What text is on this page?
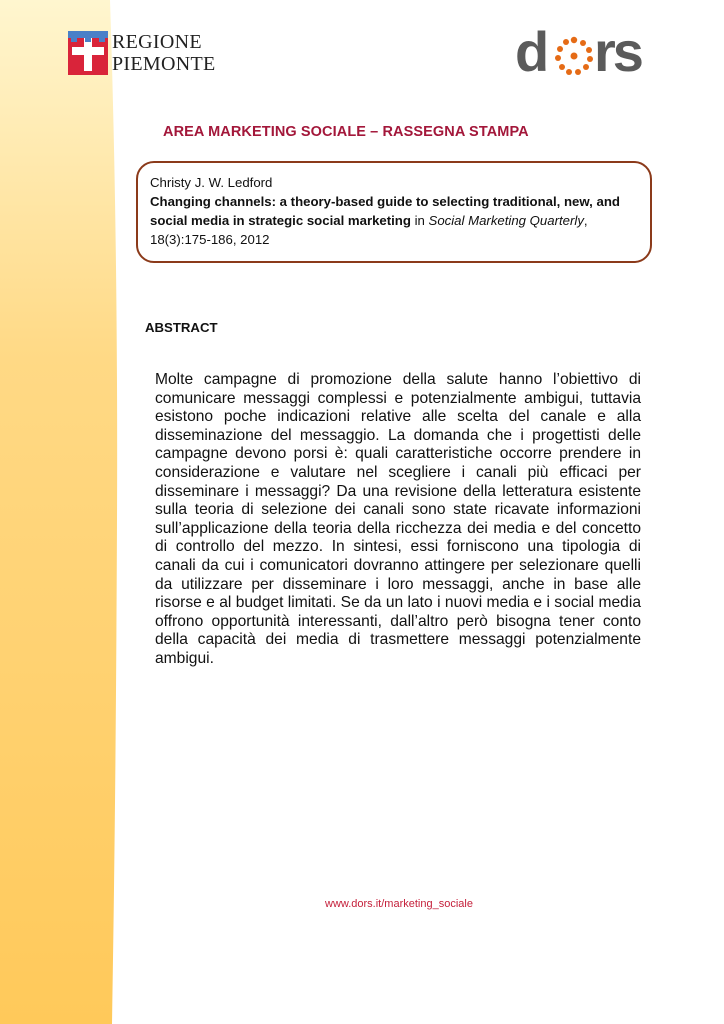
REGIONE
PIEMONTE	d rs
AREA MARKETING SOCIALE – RASSEGNA STAMPA
Christy J. W. Ledford
Changing channels: a theory-based guide to selecting traditional, new, and social media in strategic social marketing in Social Marketing Quarterly, 18(3):175-186, 2012
ABSTRACT
Molte campagne di promozione della salute hanno l’obiettivo di comunicare messaggi complessi e potenzialmente ambigui, tuttavia esistono poche indicazioni relative alle scelta del canale e alla disseminazione del messaggio. La domanda che i progettisti delle campagne devono porsi è: quali caratteristiche occorre prendere in considerazione e valutare nel scegliere i canali più efficaci per disseminare i messaggi? Da una revisione della letteratura esistente sulla teoria di selezione dei canali sono state ricavate informazioni sull’applicazione della teoria della ricchezza dei media e del concetto di controllo del mezzo. In sintesi, essi forniscono una tipologia di canali da cui i comunicatori dovranno attingere per selezionare quelli da utilizzare per disseminare i loro messaggi, anche in base alle risorse e al budget limitati. Se da un lato i nuovi media e i social media offrono opportunità interessanti, dall’altro però bisogna tener conto della capacità dei media di trasmettere messaggi potenzialmente ambigui.
www.dors.it/marketing_sociale
